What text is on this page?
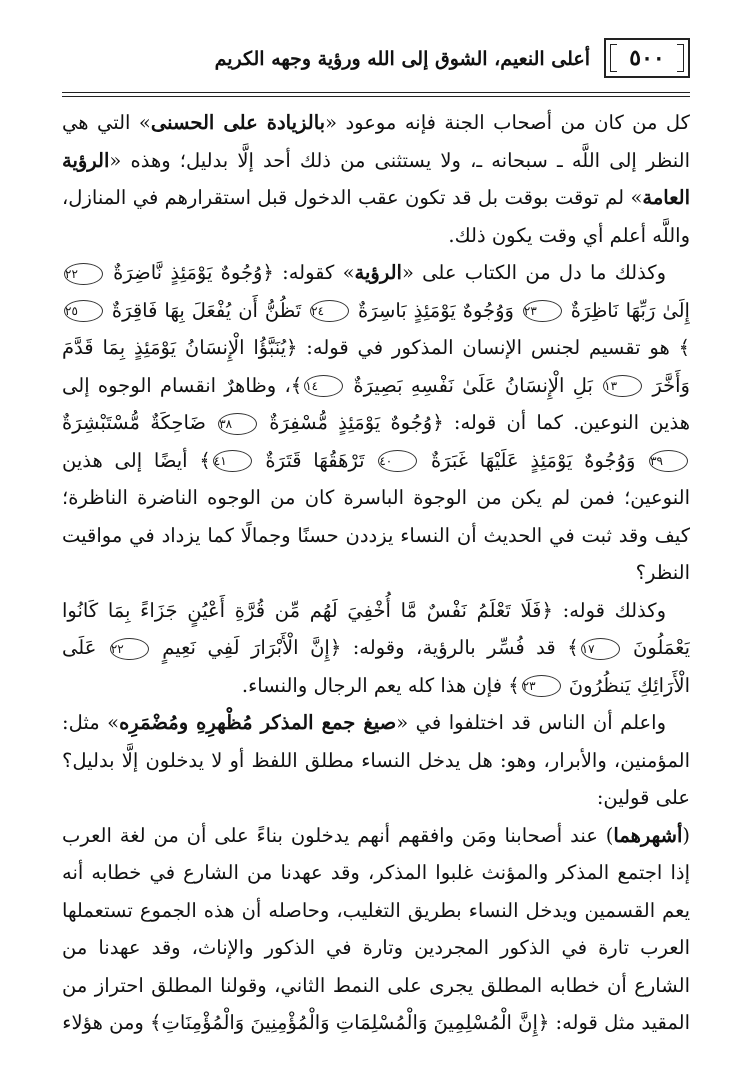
٥٠٠
أعلى النعيم، الشوق إلى الله ورؤية وجهه الكريم

كل من كان من أصحاب الجنة فإنه موعود «بالزيادة على الحسنى» التي هي النظر إلى اللَّه ـ سبحانه ـ، ولا يستثنى من ذلك أحد إلَّا بدليل؛ وهذه «الرؤية العامة» لم توقت بوقت بل قد تكون عقب الدخول قبل استقرارهم في المنازل، واللَّه أعلم أي وقت يكون ذلك.

وكذلك ما دل من الكتاب على «الرؤية» كقوله: ﴿وُجُوهٌ يَوْمَئِذٍ نَّاضِرَةٌ ٢٢ إِلَىٰ رَبِّهَا نَاظِرَةٌ ٢٣ وَوُجُوهٌ يَوْمَئِذٍ بَاسِرَةٌ ٢٤ تَظُنُّ أَن يُفْعَلَ بِهَا فَاقِرَةٌ ٢٥﴾ هو تقسيم لجنس الإنسان المذكور في قوله: ﴿يُنَبَّؤُا الْإِنسَانُ يَوْمَئِذٍ بِمَا قَدَّمَ وَأَخَّرَ ١٣ بَلِ الْإِنسَانُ عَلَىٰ نَفْسِهِ بَصِيرَةٌ ١٤﴾، وظاهرٌ انقسام الوجوه إلى هذين النوعين. كما أن قوله: ﴿وُجُوهٌ يَوْمَئِذٍ مُّسْفِرَةٌ ٣٨ ضَاحِكَةٌ مُّسْتَبْشِرَةٌ ٣٩ وَوُجُوهٌ يَوْمَئِذٍ عَلَيْهَا غَبَرَةٌ ٤٠ تَرْهَقُهَا قَتَرَةٌ ٤١﴾ أيضًا إلى هذين النوعين؛ فمن لم يكن من الوجوة الباسرة كان من الوجوه الناضرة الناظرة؛ كيف وقد ثبت في الحديث أن النساء يزددن حسنًا وجمالًا كما يزداد في مواقيت النظر؟

وكذلك قوله: ﴿فَلَا تَعْلَمُ نَفْسٌ مَّا أُخْفِيَ لَهُم مِّن قُرَّةِ أَعْيُنٍ جَزَاءً بِمَا كَانُوا يَعْمَلُونَ ١٧﴾ قد فُسِّر بالرؤية، وقوله: ﴿إِنَّ الْأَبْرَارَ لَفِي نَعِيمٍ ٢٢ عَلَى الْأَرَائِكِ يَنظُرُونَ ٢٣﴾ فإن هذا كله يعم الرجال والنساء.

واعلم أن الناس قد اختلفوا في «صيغ جمع المذكر مُظْهرِهِ ومُضْمَرِه» مثل: المؤمنين، والأبرار، وهو: هل يدخل النساء مطلق اللفظ أو لا يدخلون إلَّا بدليل؟ على قولين:

(أشهرهما) عند أصحابنا ومَن وافقهم أنهم يدخلون بناءً على أن من لغة العرب إذا اجتمع المذكر والمؤنث غلبوا المذكر، وقد عهدنا من الشارع في خطابه أنه يعم القسمين ويدخل النساء بطريق التغليب، وحاصله أن هذه الجموع تستعملها العرب تارة في الذكور المجردين وتارة في الذكور والإناث، وقد عهدنا من الشارع أن خطابه المطلق يجرى على النمط الثاني، وقولنا المطلق احتراز من المقيد مثل قوله: ﴿إِنَّ الْمُسْلِمِينَ وَالْمُسْلِمَاتِ وَالْمُؤْمِنِينَ وَالْمُؤْمِنَاتِ﴾ ومن هؤلاء
